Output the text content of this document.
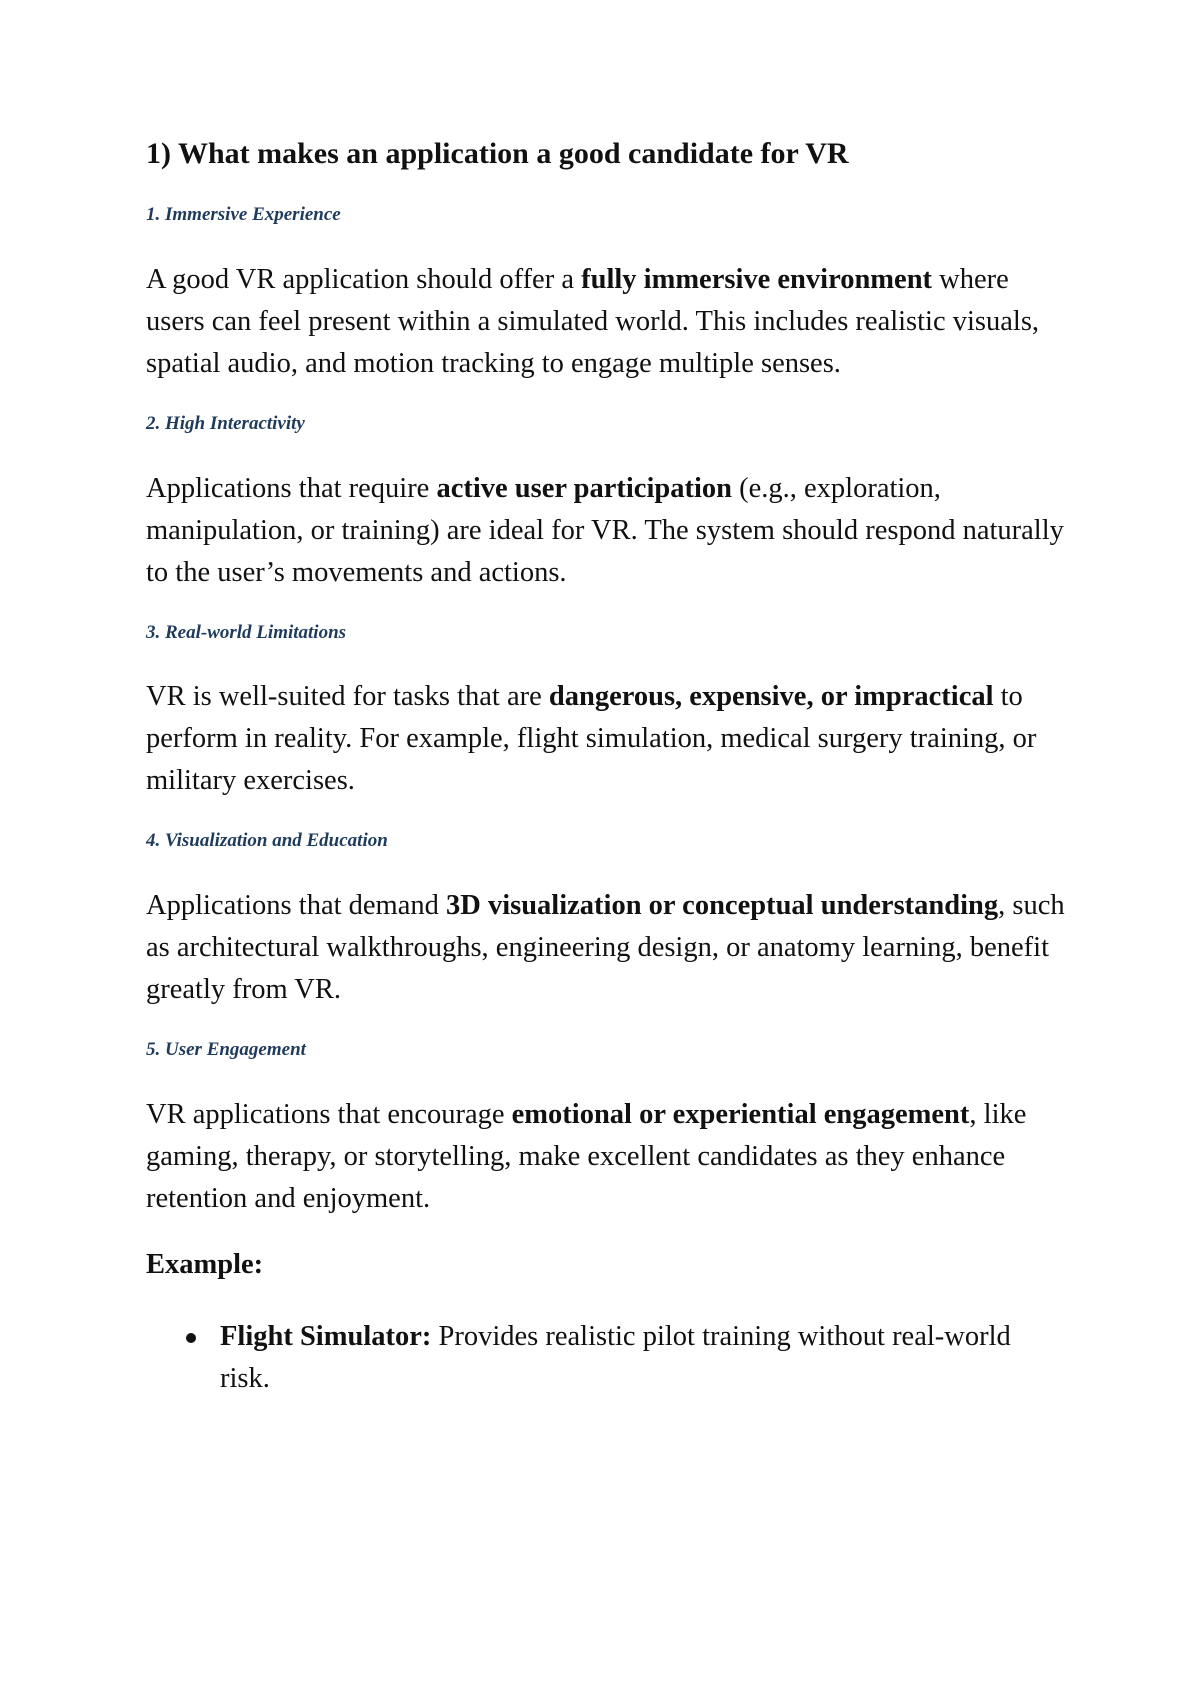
1) What makes an application a good candidate for VR
1. Immersive Experience

A good VR application should offer a fully immersive environment where users can feel present within a simulated world. This includes realistic visuals, spatial audio, and motion tracking to engage multiple senses.

2. High Interactivity

Applications that require active user participation (e.g., exploration, manipulation, or training) are ideal for VR. The system should respond naturally to the user’s movements and actions.

3. Real-world Limitations

VR is well-suited for tasks that are dangerous, expensive, or impractical to perform in reality. For example, flight simulation, medical surgery training, or military exercises.

4. Visualization and Education

Applications that demand 3D visualization or conceptual understanding, such as architectural walkthroughs, engineering design, or anatomy learning, benefit greatly from VR.

5. User Engagement

VR applications that encourage emotional or experiential engagement, like gaming, therapy, or storytelling, make excellent candidates as they enhance retention and enjoyment.

Example:
Flight Simulator: Provides realistic pilot training without real-world risk.
